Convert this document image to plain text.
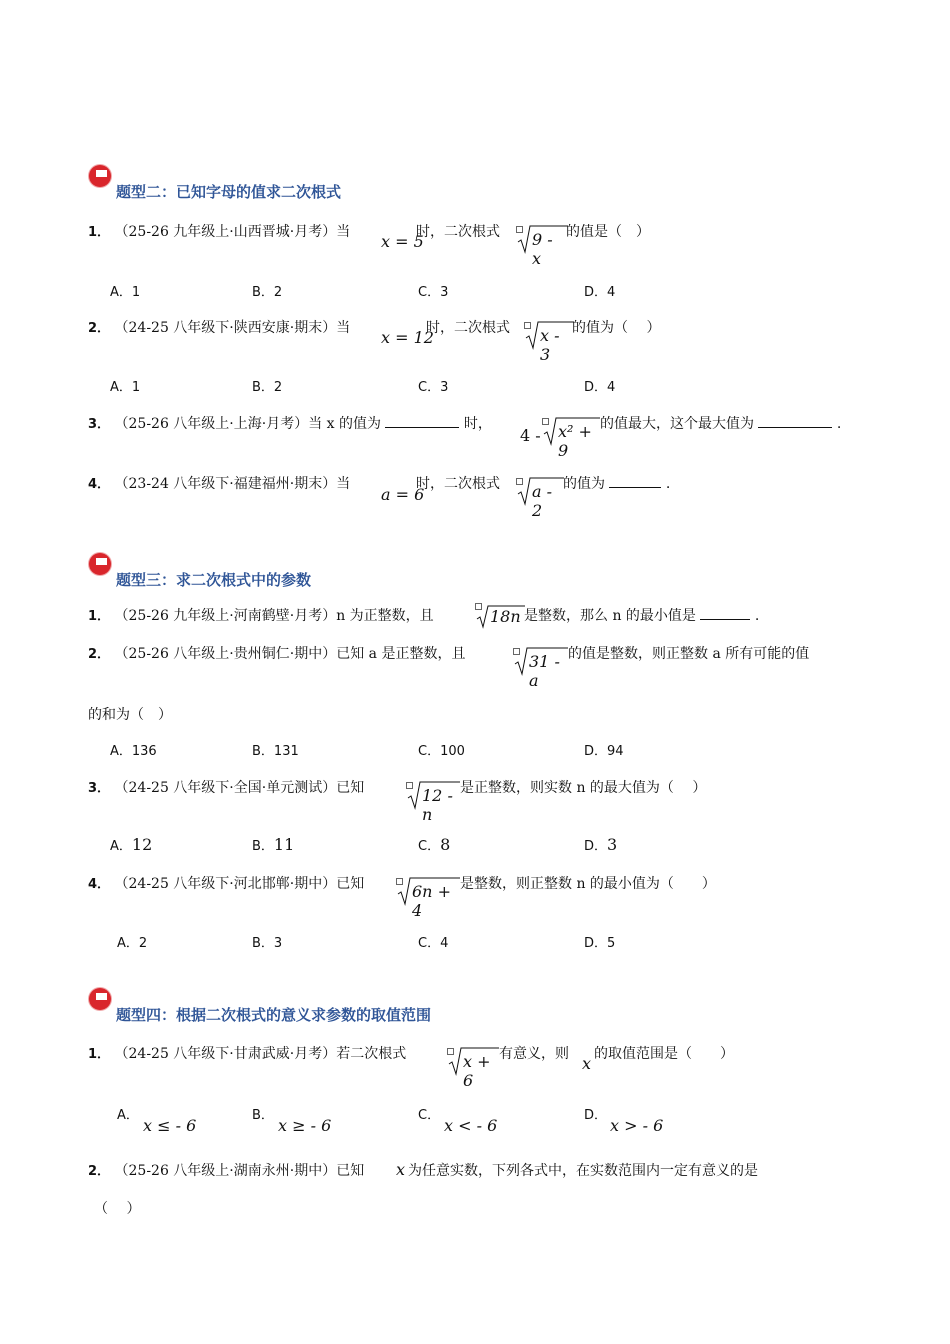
题型二：已知字母的值求二次根式
1． （25-26 九年级上·山西晋城·月考）当 x = 5
时，二次根式 9 - x
的值是（　）
A．1	B．2	C．3	D．4
2． （24-25 八年级下·陕西安康·期末）当 x = 12
时，二次根式 x - 3
的值为（　 ）
A．1	B．2	C．3	D．4
3． （25-26 八年级上·上海·月考）当 x 的值为	时，
4 - x² + 9
的值最大，这个最大值为	.
4． （23-24 八年级下·福建福州·期末）当
a = 6
时，二次根式 a - 2
的值为	.
题型三：求二次根式中的参数
1． （25-26 九年级上·河南鹤壁·月考）n 为正整数，且	18n 是整数，那么 n 的最小值是	.
2． （25-26 八年级上·贵州铜仁·期中）已知 a 是正整数，且	31 - a
的值是整数，则正整数 a 所有可能的值
的和为（　）
A．136	B．131	C．100	D．94
3． （24-25 八年级下·全国·单元测试）已知	12 - n
是正整数，则实数 n 的最大值为（　 ）
A．12	B．11	C．8	D．3
4． （24-25 八年级下·河北邯郸·期中）已知	6n + 4
是整数，则正整数 n 的最小值为（　　）
A．2	B．3	C．4	D．5
题型四：根据二次根式的意义求参数的取值范围
1． （24-25 八年级下·甘肃武威·月考）若二次根式	x + 6
有意义，则 x 的取值范围是（　　）
A．
x ≤ - 6
B．
x ≥ - 6
C．
x < - 6
D．
x > - 6
2． （25-26 八年级上·湖南永州·期中）已知 x 为任意实数，下列各式中，在实数范围内一定有意义的是
（　 ）
